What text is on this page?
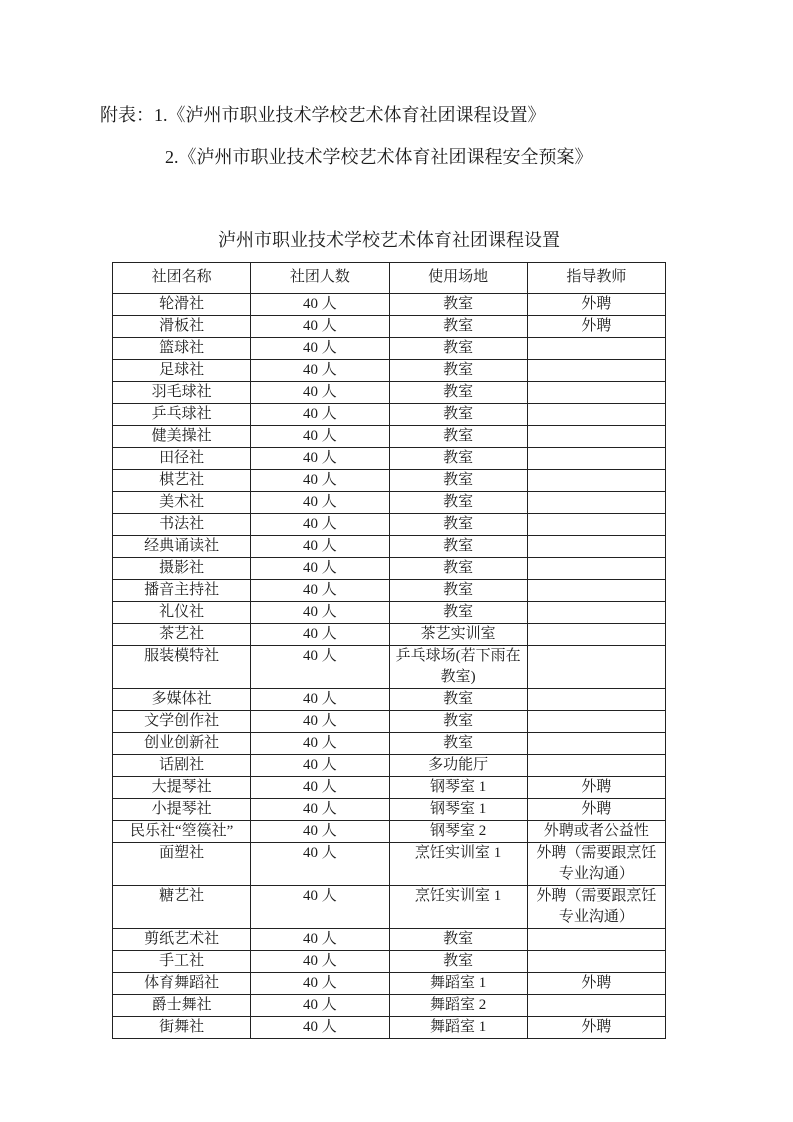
附表：1.《泸州市职业技术学校艺术体育社团课程设置》
2.《泸州市职业技术学校艺术体育社团课程安全预案》
泸州市职业技术学校艺术体育社团课程设置
社团名称	社团人数	使用场地	指导教师
轮滑社	40 人	教室	外聘
滑板社	40 人	教室	外聘
篮球社	40 人	教室	
足球社	40 人	教室	
羽毛球社	40 人	教室	
乒乓球社	40 人	教室	
健美操社	40 人	教室	
田径社	40 人	教室	
棋艺社	40 人	教室	
美术社	40 人	教室	
书法社	40 人	教室	
经典诵读社	40 人	教室	
摄影社	40 人	教室	
播音主持社	40 人	教室	
礼仪社	40 人	教室	
茶艺社	40 人	茶艺实训室	
服装模特社	40 人	乒乓球场(若下雨在教室)	
多媒体社	40 人	教室	
文学创作社	40 人	教室	
创业创新社	40 人	教室	
话剧社	40 人	多功能厅	
大提琴社	40 人	钢琴室 1	外聘
小提琴社	40 人	钢琴室 1	外聘
民乐社“箜篌社”	40 人	钢琴室 2	外聘或者公益性
面塑社	40 人	烹饪实训室 1	外聘（需要跟烹饪专业沟通）
糖艺社	40 人	烹饪实训室 1	外聘（需要跟烹饪专业沟通）
剪纸艺术社	40 人	教室	
手工社	40 人	教室	
体育舞蹈社	40 人	舞蹈室 1	外聘
爵士舞社	40 人	舞蹈室 2	
街舞社	40 人	舞蹈室 1	外聘
